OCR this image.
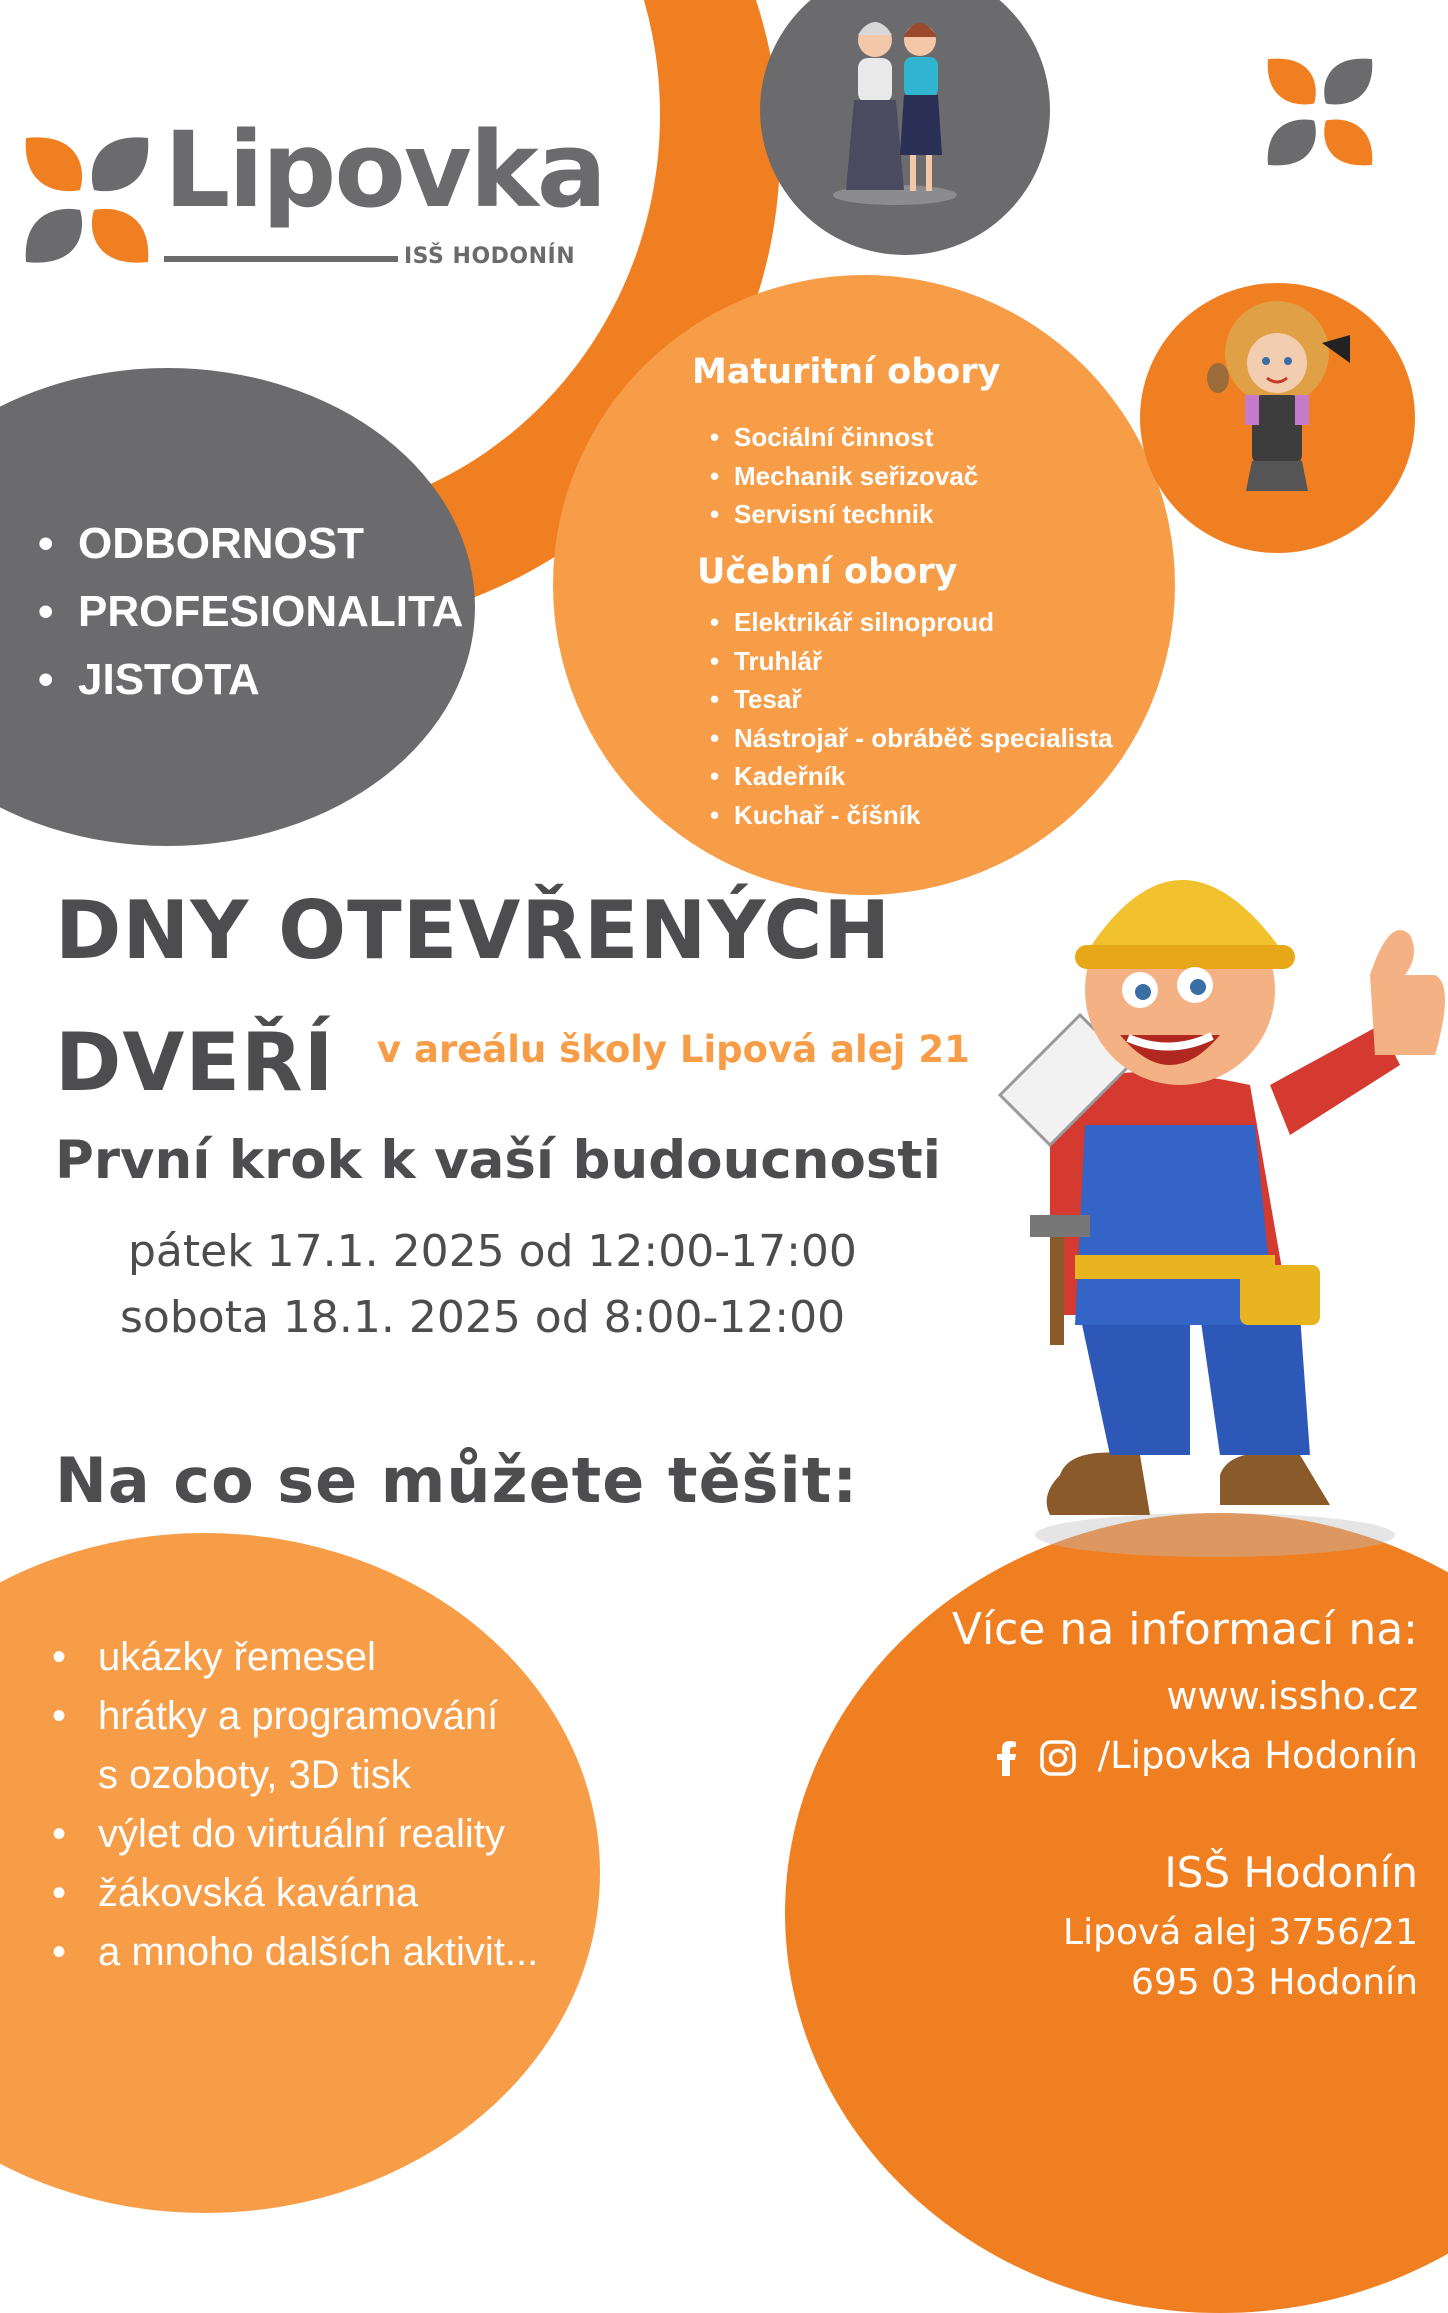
Lipovka
ISŠ HODONÍN
• ODBORNOST
• PROFESIONALITA
• JISTOTA
Maturitní obory
• Sociální činnost
• Mechanik seřizovač
• Servisní technik
Učební obory
• Elektrikář silnoproud
• Truhlář
• Tesař
• Nástrojař - obráběč specialista
• Kadeřník
• Kuchař - číšník
DNY OTEVŘENÝCH
DVEŘÍ v areálu školy Lipová alej 21
První krok k vaší budoucnosti
pátek 17.1. 2025 od 12:00-17:00
sobota 18.1. 2025 od 8:00-12:00
Na co se můžete těšit:
• ukázky řemesel
• hrátky a programování
s ozoboty, 3D tisk
• výlet do virtuální reality
• žákovská kavárna
• a mnoho dalších aktivit...
Více na informací na:
www.issho.cz
/Lipovka Hodonín
ISŠ Hodonín
Lipová alej 3756/21
695 03 Hodonín
